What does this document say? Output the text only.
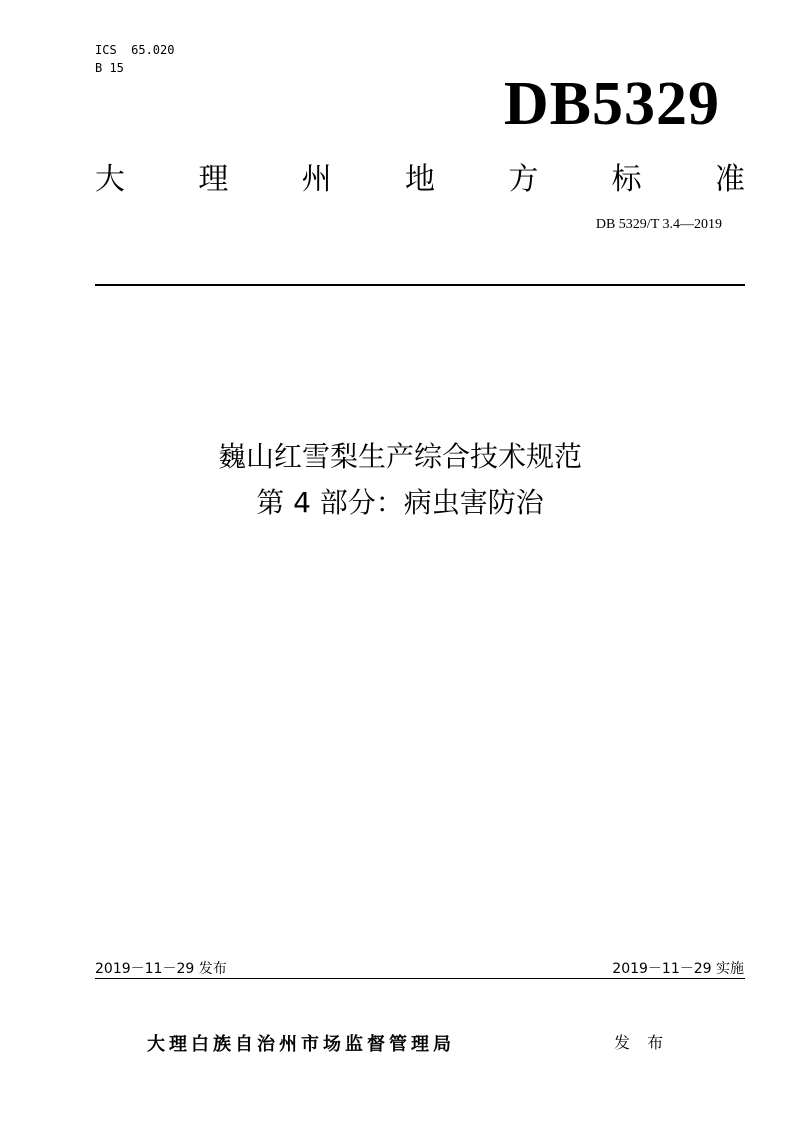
ICS  65.020
B 15
DB5329
大 理 州 地 方 标 准
DB 5329/T 3.4—2019
巍山红雪梨生产综合技术规范
第 4 部分：病虫害防治
2019－11－29 发布	2019－11－29 实施
大理白族自治州市场监督管理局	发 布
